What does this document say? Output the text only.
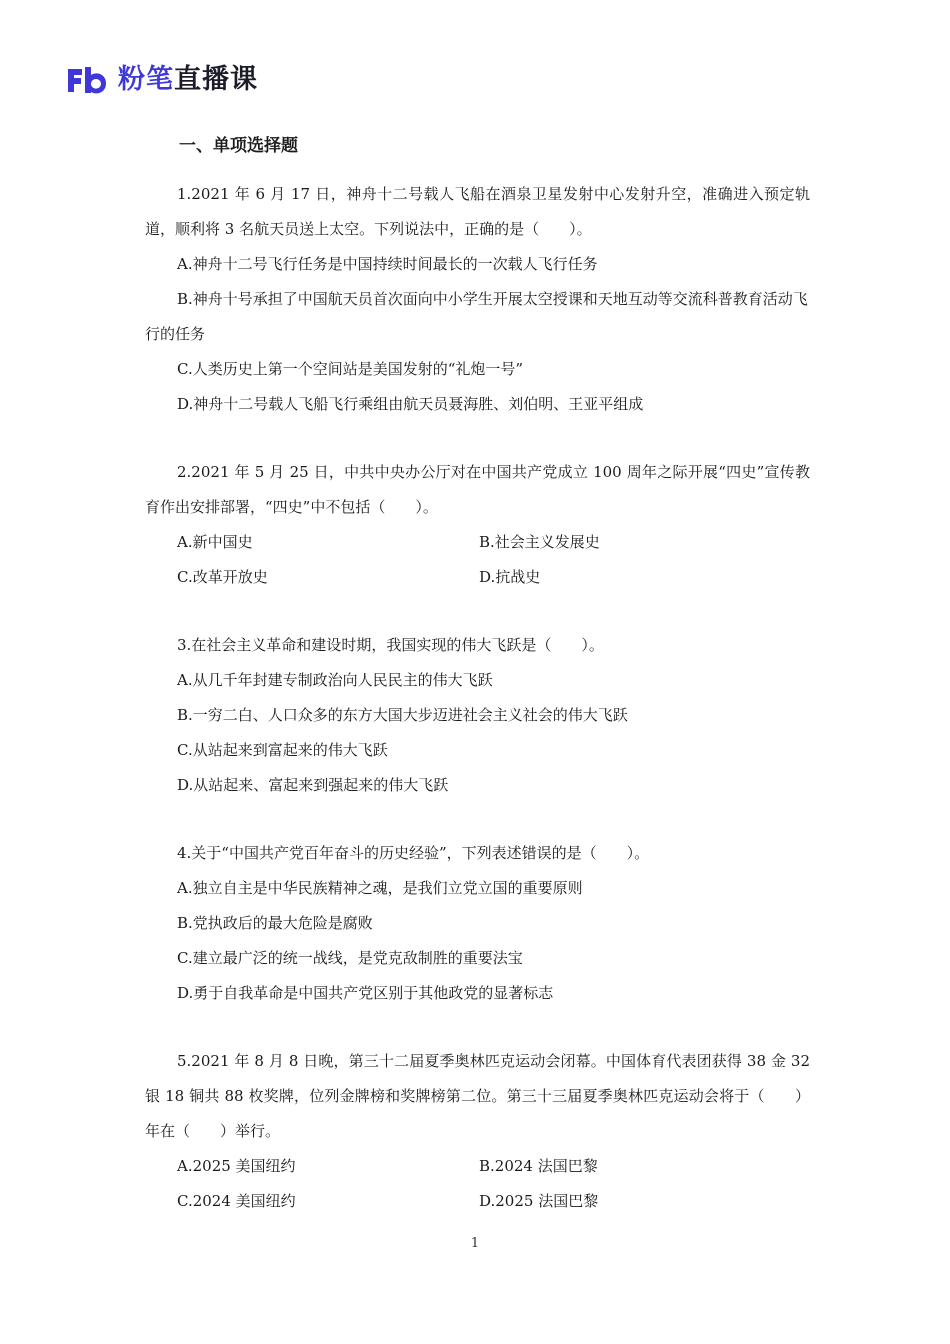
粉笔直播课
一、单项选择题

1.2021 年 6 月 17 日，神舟十二号载人飞船在酒泉卫星发射中心发射升空，准确进入预定轨道，顺利将 3 名航天员送上太空。下列说法中，正确的是（　　）。

A.神舟十二号飞行任务是中国持续时间最长的一次载人飞行任务

B.神舟十号承担了中国航天员首次面向中小学生开展太空授课和天地互动等交流科普教育活动飞行的任务

C.人类历史上第一个空间站是美国发射的“礼炮一号”

D.神舟十二号载人飞船飞行乘组由航天员聂海胜、刘伯明、王亚平组成

2.2021 年 5 月 25 日，中共中央办公厅对在中国共产党成立 100 周年之际开展“四史”宣传教育作出安排部署，“四史”中不包括（　　）。

A.新中国史	B.社会主义发展史

C.改革开放史	D.抗战史

3.在社会主义革命和建设时期，我国实现的伟大飞跃是（　　）。

A.从几千年封建专制政治向人民民主的伟大飞跃

B.一穷二白、人口众多的东方大国大步迈进社会主义社会的伟大飞跃

C.从站起来到富起来的伟大飞跃

D.从站起来、富起来到强起来的伟大飞跃

4.关于“中国共产党百年奋斗的历史经验”，下列表述错误的是（　　）。

A.独立自主是中华民族精神之魂，是我们立党立国的重要原则

B.党执政后的最大危险是腐败

C.建立最广泛的统一战线，是党克敌制胜的重要法宝

D.勇于自我革命是中国共产党区别于其他政党的显著标志

5.2021 年 8 月 8 日晚，第三十二届夏季奥林匹克运动会闭幕。中国体育代表团获得 38 金 32 银 18 铜共 88 枚奖牌，位列金牌榜和奖牌榜第二位。第三十三届夏季奥林匹克运动会将于（　　）年在（　　）举行。

A.2025 美国纽约	B.2024 法国巴黎

C.2024 美国纽约	D.2025 法国巴黎

1
